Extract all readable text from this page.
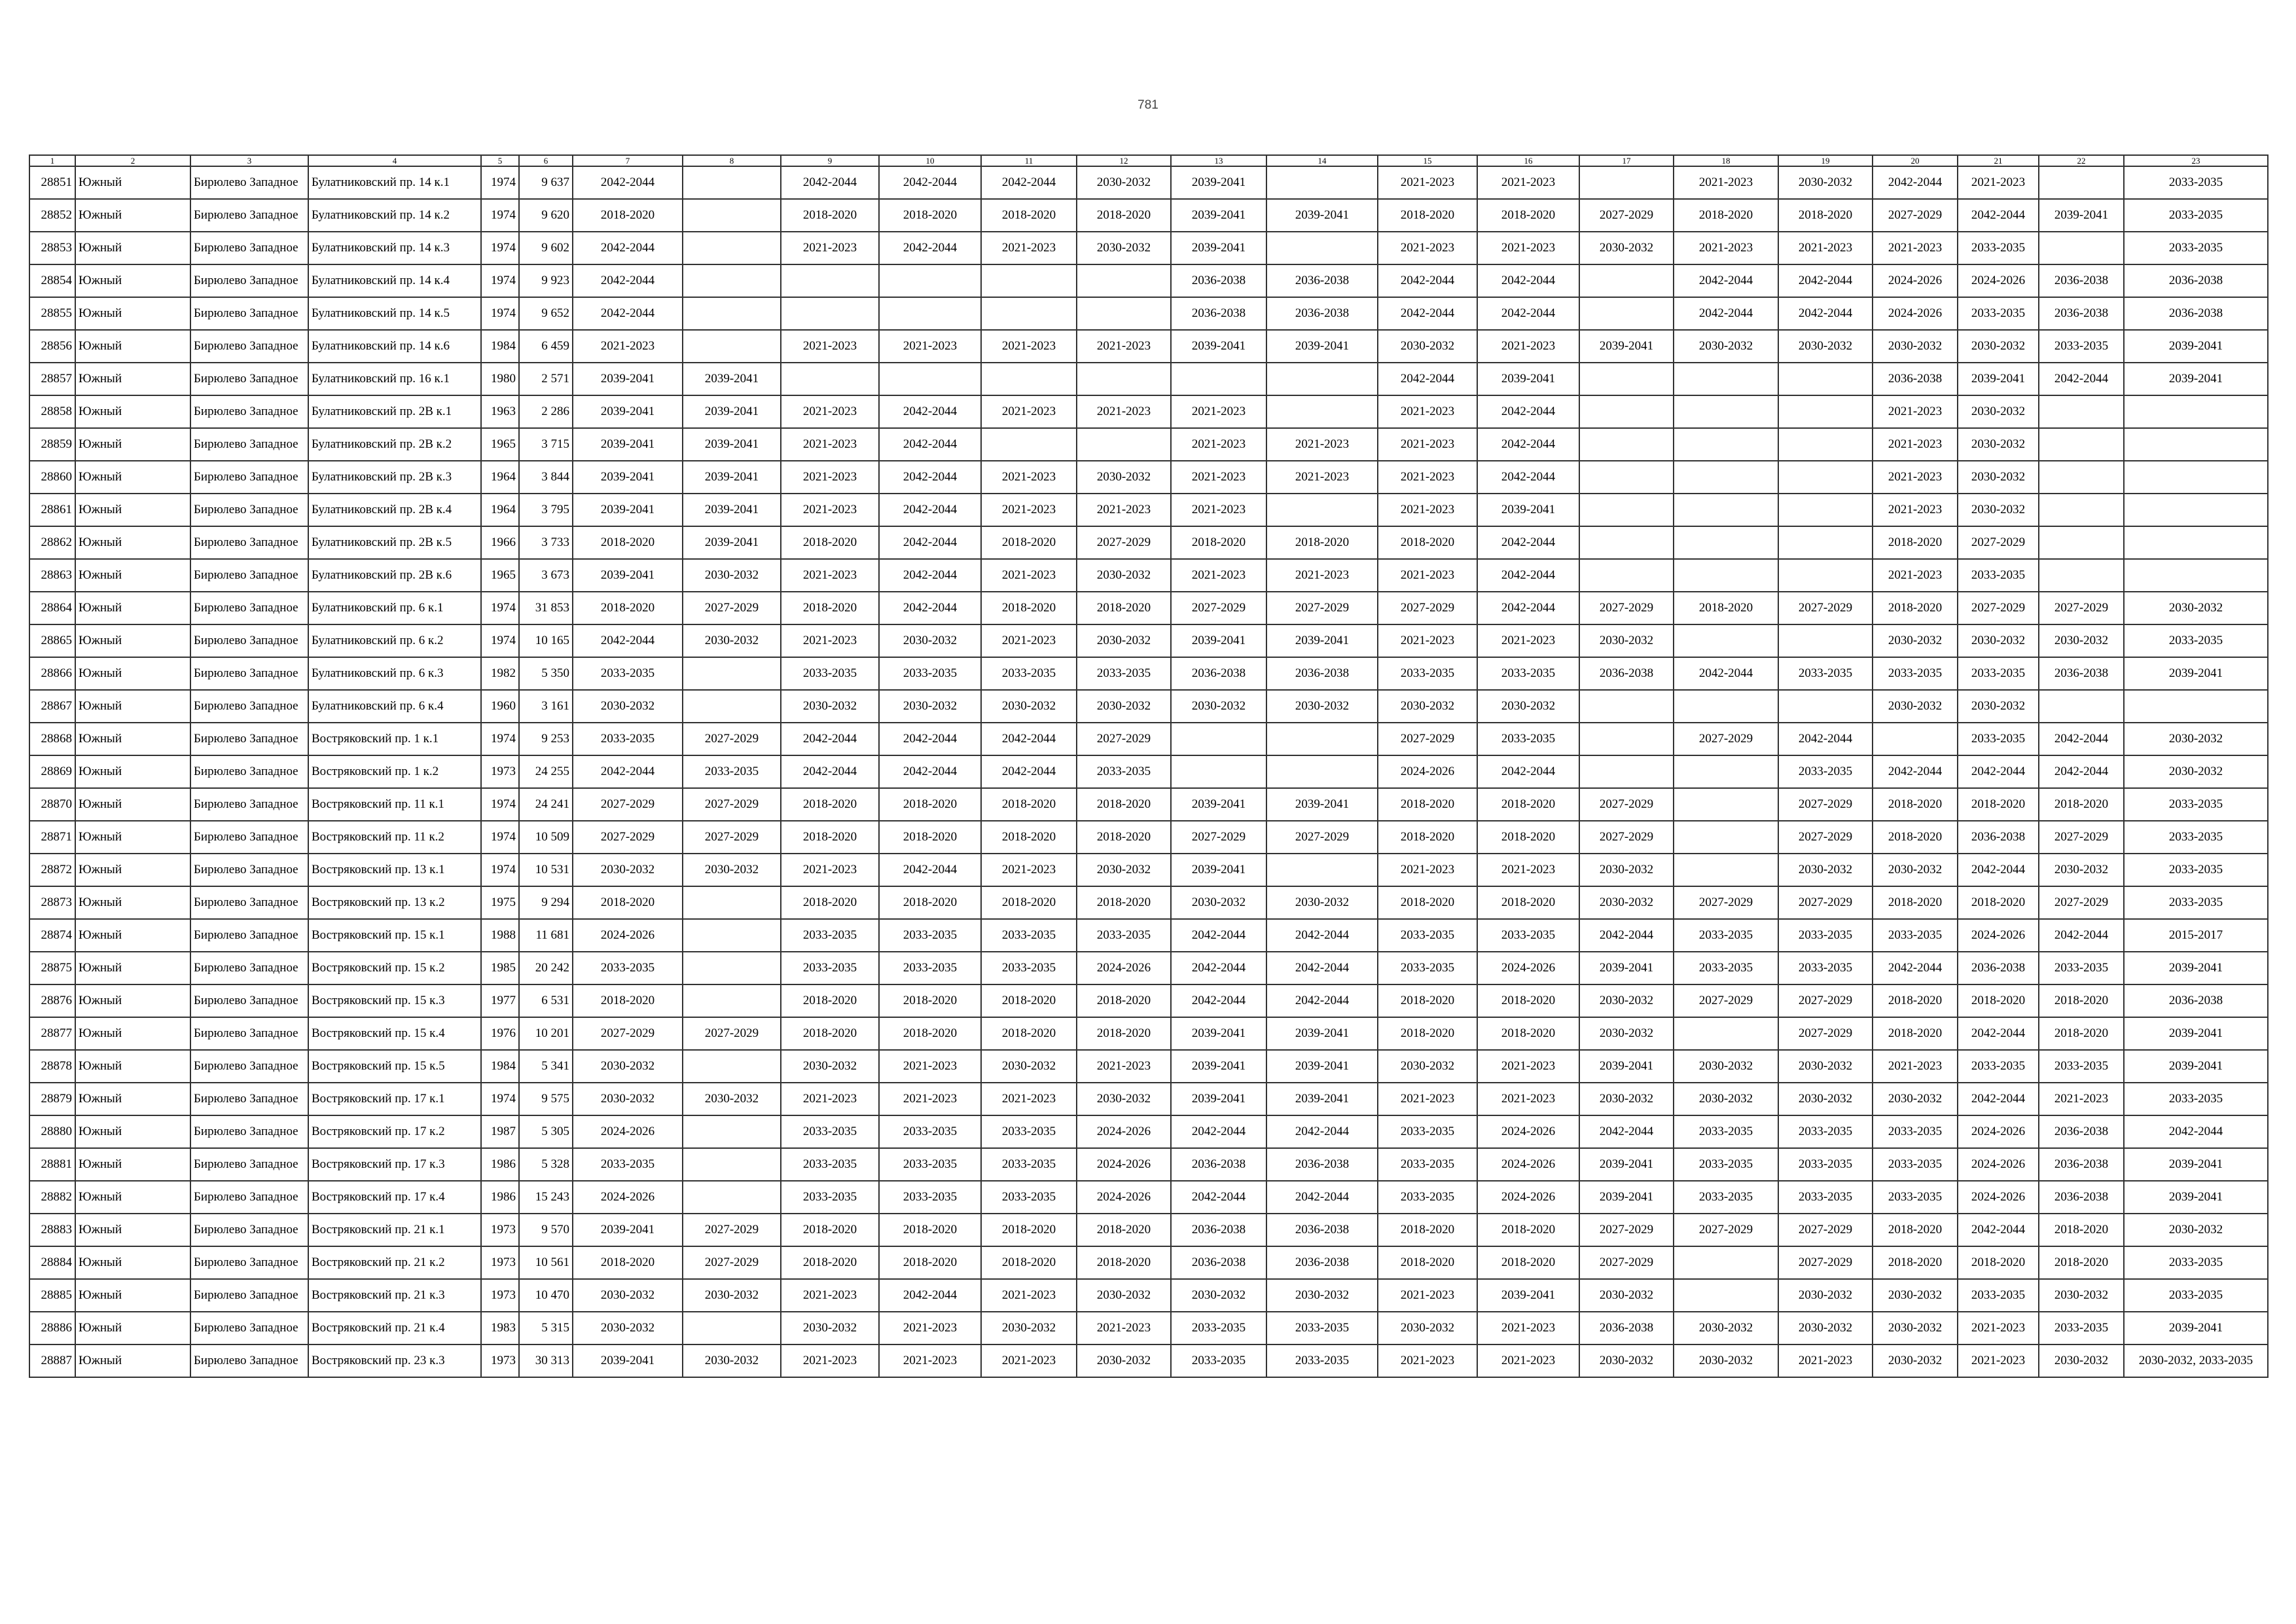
781
1	2	3	4	5	6	7	8	9	10	11	12	13	14	15	16	17	18	19	20	21	22	23
28851	Южный	Бирюлево Западное	Булатниковский пр. 14 к.1	1974	9 637	2042-2044		2042-2044	2042-2044	2042-2044	2030-2032	2039-2041		2021-2023	2021-2023		2021-2023	2030-2032	2042-2044	2021-2023		2033-2035
28852	Южный	Бирюлево Западное	Булатниковский пр. 14 к.2	1974	9 620	2018-2020		2018-2020	2018-2020	2018-2020	2018-2020	2039-2041	2039-2041	2018-2020	2018-2020	2027-2029	2018-2020	2018-2020	2027-2029	2042-2044	2039-2041	2033-2035
28853	Южный	Бирюлево Западное	Булатниковский пр. 14 к.3	1974	9 602	2042-2044		2021-2023	2042-2044	2021-2023	2030-2032	2039-2041		2021-2023	2021-2023	2030-2032	2021-2023	2021-2023	2021-2023	2033-2035		2033-2035
28854	Южный	Бирюлево Западное	Булатниковский пр. 14 к.4	1974	9 923	2042-2044						2036-2038	2036-2038	2042-2044	2042-2044		2042-2044	2042-2044	2024-2026	2024-2026	2036-2038	2036-2038
28855	Южный	Бирюлево Западное	Булатниковский пр. 14 к.5	1974	9 652	2042-2044						2036-2038	2036-2038	2042-2044	2042-2044		2042-2044	2042-2044	2024-2026	2033-2035	2036-2038	2036-2038
28856	Южный	Бирюлево Западное	Булатниковский пр. 14 к.6	1984	6 459	2021-2023		2021-2023	2021-2023	2021-2023	2021-2023	2039-2041	2039-2041	2030-2032	2021-2023	2039-2041	2030-2032	2030-2032	2030-2032	2030-2032	2033-2035	2039-2041
28857	Южный	Бирюлево Западное	Булатниковский пр. 16 к.1	1980	2 571	2039-2041	2039-2041							2042-2044	2039-2041				2036-2038	2039-2041	2042-2044	2039-2041
28858	Южный	Бирюлево Западное	Булатниковский пр. 2В к.1	1963	2 286	2039-2041	2039-2041	2021-2023	2042-2044	2021-2023	2021-2023	2021-2023		2021-2023	2042-2044				2021-2023	2030-2032		
28859	Южный	Бирюлево Западное	Булатниковский пр. 2В к.2	1965	3 715	2039-2041	2039-2041	2021-2023	2042-2044			2021-2023	2021-2023	2021-2023	2042-2044				2021-2023	2030-2032		
28860	Южный	Бирюлево Западное	Булатниковский пр. 2В к.3	1964	3 844	2039-2041	2039-2041	2021-2023	2042-2044	2021-2023	2030-2032	2021-2023	2021-2023	2021-2023	2042-2044				2021-2023	2030-2032		
28861	Южный	Бирюлево Западное	Булатниковский пр. 2В к.4	1964	3 795	2039-2041	2039-2041	2021-2023	2042-2044	2021-2023	2021-2023	2021-2023		2021-2023	2039-2041				2021-2023	2030-2032		
28862	Южный	Бирюлево Западное	Булатниковский пр. 2В к.5	1966	3 733	2018-2020	2039-2041	2018-2020	2042-2044	2018-2020	2027-2029	2018-2020	2018-2020	2018-2020	2042-2044				2018-2020	2027-2029		
28863	Южный	Бирюлево Западное	Булатниковский пр. 2В к.6	1965	3 673	2039-2041	2030-2032	2021-2023	2042-2044	2021-2023	2030-2032	2021-2023	2021-2023	2021-2023	2042-2044				2021-2023	2033-2035		
28864	Южный	Бирюлево Западное	Булатниковский пр. 6 к.1	1974	31 853	2018-2020	2027-2029	2018-2020	2042-2044	2018-2020	2018-2020	2027-2029	2027-2029	2027-2029	2042-2044	2027-2029	2018-2020	2027-2029	2018-2020	2027-2029	2027-2029	2030-2032
28865	Южный	Бирюлево Западное	Булатниковский пр. 6 к.2	1974	10 165	2042-2044	2030-2032	2021-2023	2030-2032	2021-2023	2030-2032	2039-2041	2039-2041	2021-2023	2021-2023	2030-2032			2030-2032	2030-2032	2030-2032	2033-2035
28866	Южный	Бирюлево Западное	Булатниковский пр. 6 к.3	1982	5 350	2033-2035		2033-2035	2033-2035	2033-2035	2033-2035	2036-2038	2036-2038	2033-2035	2033-2035	2036-2038	2042-2044	2033-2035	2033-2035	2033-2035	2036-2038	2039-2041
28867	Южный	Бирюлево Западное	Булатниковский пр. 6 к.4	1960	3 161	2030-2032		2030-2032	2030-2032	2030-2032	2030-2032	2030-2032	2030-2032	2030-2032	2030-2032				2030-2032	2030-2032		
28868	Южный	Бирюлево Западное	Востряковский пр. 1 к.1	1974	9 253	2033-2035	2027-2029	2042-2044	2042-2044	2042-2044	2027-2029			2027-2029	2033-2035		2027-2029	2042-2044		2033-2035	2042-2044	2030-2032
28869	Южный	Бирюлево Западное	Востряковский пр. 1 к.2	1973	24 255	2042-2044	2033-2035	2042-2044	2042-2044	2042-2044	2033-2035			2024-2026	2042-2044			2033-2035	2042-2044	2042-2044	2042-2044	2030-2032
28870	Южный	Бирюлево Западное	Востряковский пр. 11 к.1	1974	24 241	2027-2029	2027-2029	2018-2020	2018-2020	2018-2020	2018-2020	2039-2041	2039-2041	2018-2020	2018-2020	2027-2029		2027-2029	2018-2020	2018-2020	2018-2020	2033-2035
28871	Южный	Бирюлево Западное	Востряковский пр. 11 к.2	1974	10 509	2027-2029	2027-2029	2018-2020	2018-2020	2018-2020	2018-2020	2027-2029	2027-2029	2018-2020	2018-2020	2027-2029		2027-2029	2018-2020	2036-2038	2027-2029	2033-2035
28872	Южный	Бирюлево Западное	Востряковский пр. 13 к.1	1974	10 531	2030-2032	2030-2032	2021-2023	2042-2044	2021-2023	2030-2032	2039-2041		2021-2023	2021-2023	2030-2032		2030-2032	2030-2032	2042-2044	2030-2032	2033-2035
28873	Южный	Бирюлево Западное	Востряковский пр. 13 к.2	1975	9 294	2018-2020		2018-2020	2018-2020	2018-2020	2018-2020	2030-2032	2030-2032	2018-2020	2018-2020	2030-2032	2027-2029	2027-2029	2018-2020	2018-2020	2027-2029	2033-2035
28874	Южный	Бирюлево Западное	Востряковский пр. 15 к.1	1988	11 681	2024-2026		2033-2035	2033-2035	2033-2035	2033-2035	2042-2044	2042-2044	2033-2035	2033-2035	2042-2044	2033-2035	2033-2035	2033-2035	2024-2026	2042-2044	2015-2017
28875	Южный	Бирюлево Западное	Востряковский пр. 15 к.2	1985	20 242	2033-2035		2033-2035	2033-2035	2033-2035	2024-2026	2042-2044	2042-2044	2033-2035	2024-2026	2039-2041	2033-2035	2033-2035	2042-2044	2036-2038	2033-2035	2039-2041
28876	Южный	Бирюлево Западное	Востряковский пр. 15 к.3	1977	6 531	2018-2020		2018-2020	2018-2020	2018-2020	2018-2020	2042-2044	2042-2044	2018-2020	2018-2020	2030-2032	2027-2029	2027-2029	2018-2020	2018-2020	2018-2020	2036-2038
28877	Южный	Бирюлево Западное	Востряковский пр. 15 к.4	1976	10 201	2027-2029	2027-2029	2018-2020	2018-2020	2018-2020	2018-2020	2039-2041	2039-2041	2018-2020	2018-2020	2030-2032		2027-2029	2018-2020	2042-2044	2018-2020	2039-2041
28878	Южный	Бирюлево Западное	Востряковский пр. 15 к.5	1984	5 341	2030-2032		2030-2032	2021-2023	2030-2032	2021-2023	2039-2041	2039-2041	2030-2032	2021-2023	2039-2041	2030-2032	2030-2032	2021-2023	2033-2035	2033-2035	2039-2041
28879	Южный	Бирюлево Западное	Востряковский пр. 17 к.1	1974	9 575	2030-2032	2030-2032	2021-2023	2021-2023	2021-2023	2030-2032	2039-2041	2039-2041	2021-2023	2021-2023	2030-2032	2030-2032	2030-2032	2030-2032	2042-2044	2021-2023	2033-2035
28880	Южный	Бирюлево Западное	Востряковский пр. 17 к.2	1987	5 305	2024-2026		2033-2035	2033-2035	2033-2035	2024-2026	2042-2044	2042-2044	2033-2035	2024-2026	2042-2044	2033-2035	2033-2035	2033-2035	2024-2026	2036-2038	2042-2044
28881	Южный	Бирюлево Западное	Востряковский пр. 17 к.3	1986	5 328	2033-2035		2033-2035	2033-2035	2033-2035	2024-2026	2036-2038	2036-2038	2033-2035	2024-2026	2039-2041	2033-2035	2033-2035	2033-2035	2024-2026	2036-2038	2039-2041
28882	Южный	Бирюлево Западное	Востряковский пр. 17 к.4	1986	15 243	2024-2026		2033-2035	2033-2035	2033-2035	2024-2026	2042-2044	2042-2044	2033-2035	2024-2026	2039-2041	2033-2035	2033-2035	2033-2035	2024-2026	2036-2038	2039-2041
28883	Южный	Бирюлево Западное	Востряковский пр. 21 к.1	1973	9 570	2039-2041	2027-2029	2018-2020	2018-2020	2018-2020	2018-2020	2036-2038	2036-2038	2018-2020	2018-2020	2027-2029	2027-2029	2027-2029	2018-2020	2042-2044	2018-2020	2030-2032
28884	Южный	Бирюлево Западное	Востряковский пр. 21 к.2	1973	10 561	2018-2020	2027-2029	2018-2020	2018-2020	2018-2020	2018-2020	2036-2038	2036-2038	2018-2020	2018-2020	2027-2029		2027-2029	2018-2020	2018-2020	2018-2020	2033-2035
28885	Южный	Бирюлево Западное	Востряковский пр. 21 к.3	1973	10 470	2030-2032	2030-2032	2021-2023	2042-2044	2021-2023	2030-2032	2030-2032	2030-2032	2021-2023	2039-2041	2030-2032		2030-2032	2030-2032	2033-2035	2030-2032	2033-2035
28886	Южный	Бирюлево Западное	Востряковский пр. 21 к.4	1983	5 315	2030-2032		2030-2032	2021-2023	2030-2032	2021-2023	2033-2035	2033-2035	2030-2032	2021-2023	2036-2038	2030-2032	2030-2032	2030-2032	2021-2023	2033-2035	2039-2041
28887	Южный	Бирюлево Западное	Востряковский пр. 23 к.3	1973	30 313	2039-2041	2030-2032	2021-2023	2021-2023	2021-2023	2030-2032	2033-2035	2033-2035	2021-2023	2021-2023	2030-2032	2030-2032	2021-2023	2030-2032	2021-2023	2030-2032	2030-2032, 2033-2035
